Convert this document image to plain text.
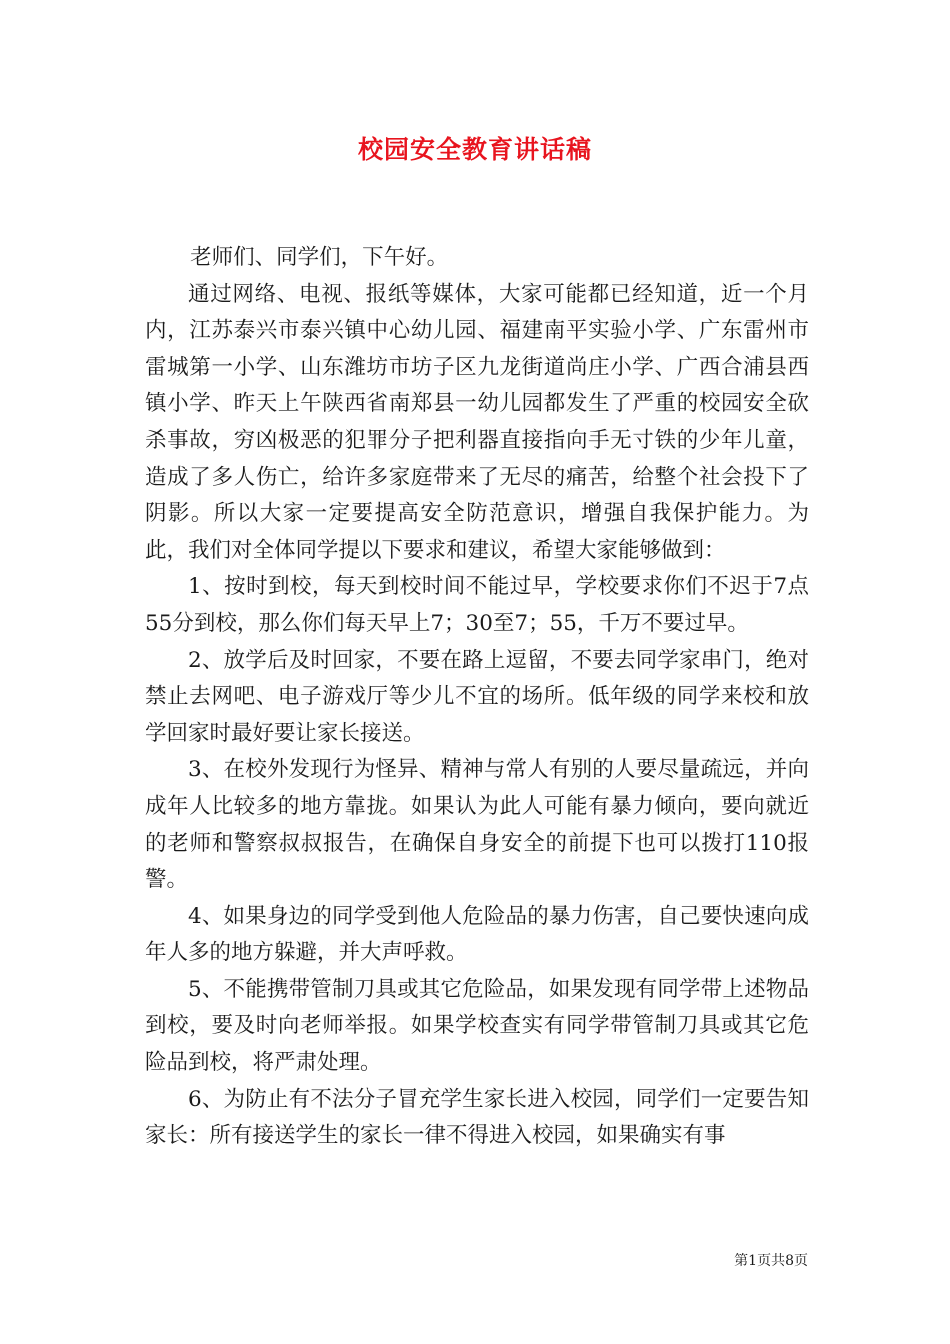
校园安全教育讲话稿

老师们、同学们，下午好。

通过网络、电视、报纸等媒体，大家可能都已经知道，近一个月内，江苏泰兴市泰兴镇中心幼儿园、福建南平实验小学、广东雷州市雷城第一小学、山东潍坊市坊子区九龙街道尚庄小学、广西合浦县西镇小学、昨天上午陕西省南郑县一幼儿园都发生了严重的校园安全砍杀事故，穷凶极恶的犯罪分子把利器直接指向手无寸铁的少年儿童，造成了多人伤亡，给许多家庭带来了无尽的痛苦，给整个社会投下了阴影。所以大家一定要提高安全防范意识，增强自我保护能力。为此，我们对全体同学提以下要求和建议，希望大家能够做到：

1、按时到校，每天到校时间不能过早，学校要求你们不迟于7点55分到校，那么你们每天早上7；30至7；55，千万不要过早。

2、放学后及时回家，不要在路上逗留，不要去同学家串门，绝对禁止去网吧、电子游戏厅等少儿不宜的场所。低年级的同学来校和放学回家时最好要让家长接送。

3、在校外发现行为怪异、精神与常人有别的人要尽量疏远，并向成年人比较多的地方靠拢。如果认为此人可能有暴力倾向，要向就近的老师和警察叔叔报告，在确保自身安全的前提下也可以拨打110报警。

4、如果身边的同学受到他人危险品的暴力伤害，自己要快速向成年人多的地方躲避，并大声呼救。

5、不能携带管制刀具或其它危险品，如果发现有同学带上述物品到校，要及时向老师举报。如果学校查实有同学带管制刀具或其它危险品到校，将严肃处理。

6、为防止有不法分子冒充学生家长进入校园，同学们一定要告知家长：所有接送学生的家长一律不得进入校园，如果确实有事

第1页共8页
